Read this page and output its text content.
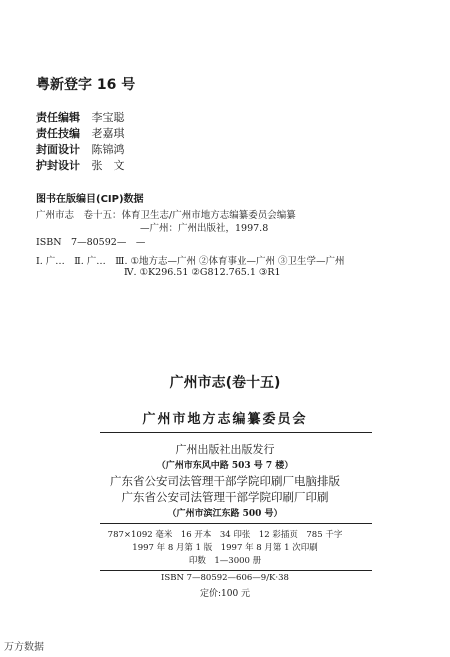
粤新登字 16 号
责任编辑 李宝聪
责任技编 老嘉琪
封面设计 陈锦鸿
护封设计 张　文
图书在版编目(CIP)数据
广州市志　卷十五：体育卫生志/广州市地方志编纂委员会编纂
—广州：广州出版社，1997.8
ISBN　7—80592—　—
Ⅰ. 广…　Ⅱ. 广…　Ⅲ. ①地方志—广州 ②体育事业—广州 ③卫生学—广州
Ⅳ. ①K296.51 ②G812.765.1 ③R1
广州市志(卷十五)
广州市地方志编纂委员会
广州出版社出版发行
（广州市东风中路 503 号 7 楼）
广东省公安司法管理干部学院印刷厂电脑排版
广东省公安司法管理干部学院印刷厂印刷
（广州市滨江东路 500 号）
787×1092 毫米　16 开本　34 印张　12 彩插页　785 千字
1997 年 8 月第 1 版　1997 年 8 月第 1 次印刷
印数　1—3000 册
ISBN 7—80592—606—9/K·38
定价:100 元
万方数据
